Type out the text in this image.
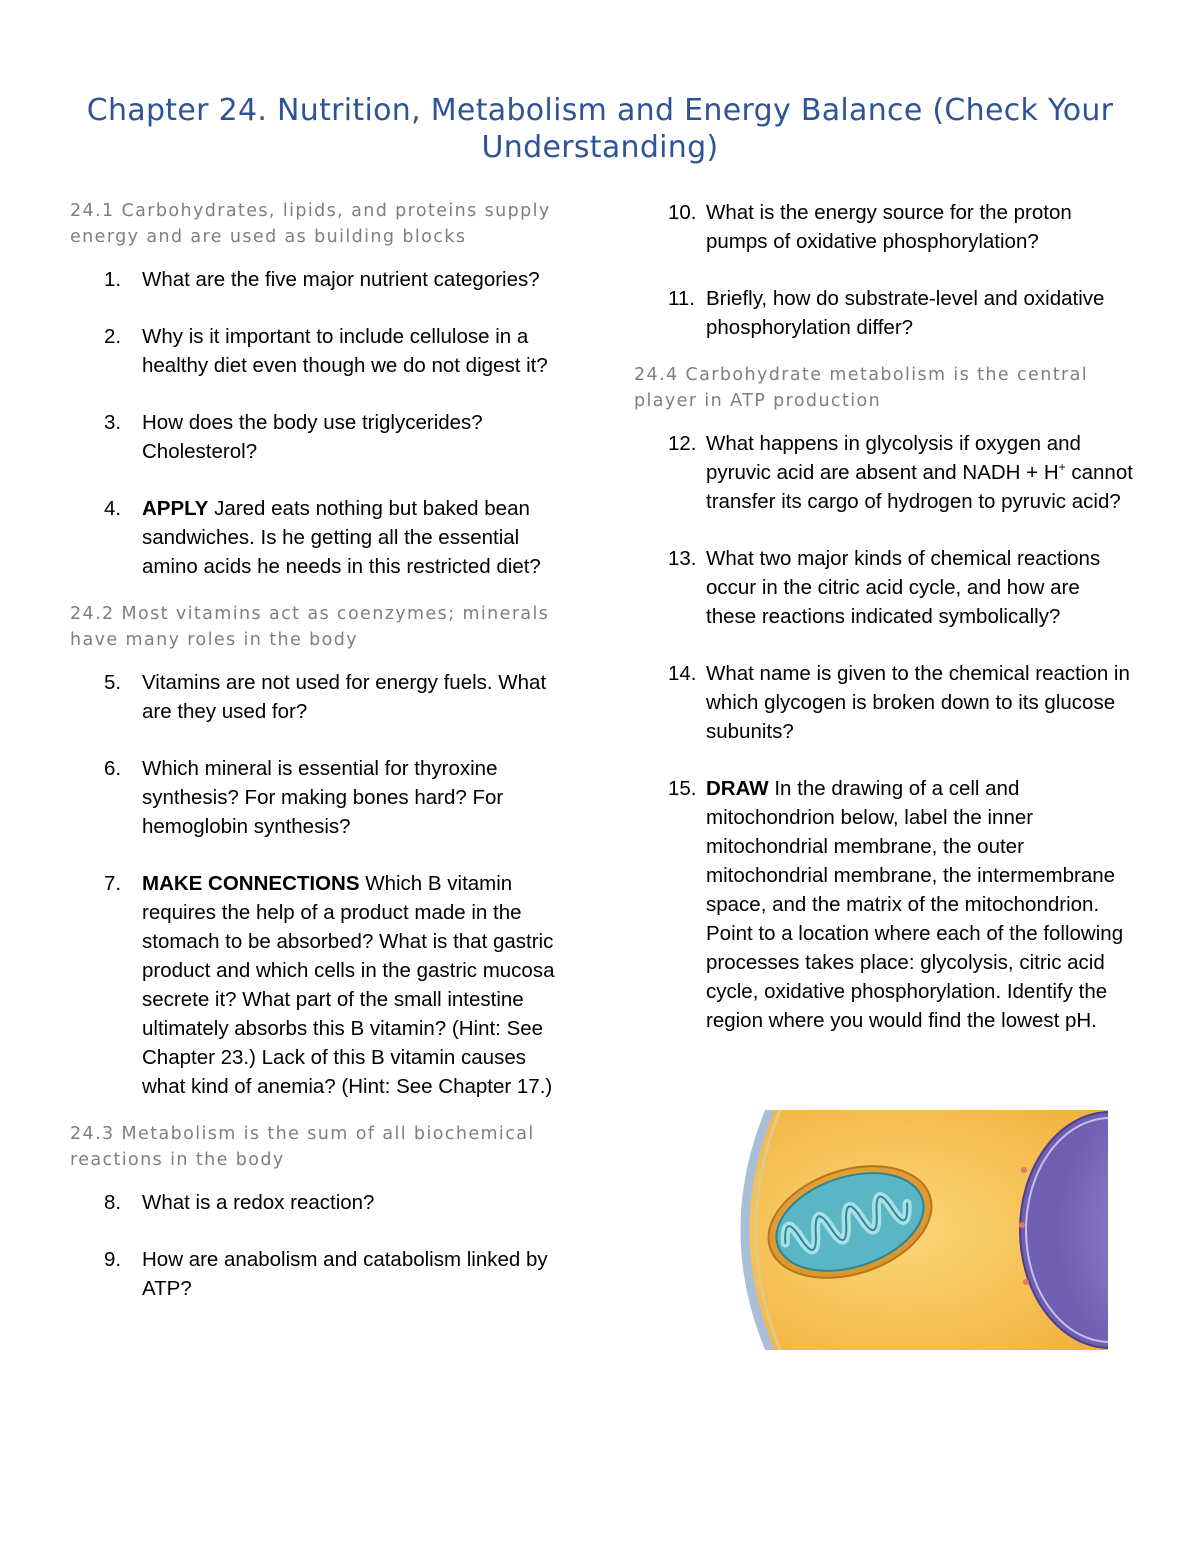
Chapter 24. Nutrition, Metabolism and Energy Balance (Check Your Understanding)
24.1 Carbohydrates, lipids, and proteins supply energy and are used as building blocks
1.	What are the five major nutrient categories?
2.	Why is it important to include cellulose in a healthy diet even though we do not digest it?
3.	How does the body use triglycerides? Cholesterol?
4.	APPLY Jared eats nothing but baked bean sandwiches. Is he getting all the essential amino acids he needs in this restricted diet?
24.2 Most vitamins act as coenzymes; minerals have many roles in the body
5.	Vitamins are not used for energy fuels. What are they used for?
6.	Which mineral is essential for thyroxine synthesis? For making bones hard? For hemoglobin synthesis?
7.	MAKE CONNECTIONS Which B vitamin requires the help of a product made in the stomach to be absorbed? What is that gastric product and which cells in the gastric mucosa secrete it? What part of the small intestine ultimately absorbs this B vitamin? (Hint: See Chapter 23.) Lack of this B vitamin causes what kind of anemia? (Hint: See Chapter 17.)
24.3 Metabolism is the sum of all biochemical reactions in the body
8.	What is a redox reaction?
9.	How are anabolism and catabolism linked by ATP?
10. What is the energy source for the proton pumps of oxidative phosphorylation?
11. Briefly, how do substrate-level and oxidative phosphorylation differ?
24.4 Carbohydrate metabolism is the central player in ATP production
12. What happens in glycolysis if oxygen and pyruvic acid are absent and NADH + H+ cannot transfer its cargo of hydrogen to pyruvic acid?
13. What two major kinds of chemical reactions occur in the citric acid cycle, and how are these reactions indicated symbolically?
14. What name is given to the chemical reaction in which glycogen is broken down to its glucose subunits?
15. DRAW In the drawing of a cell and mitochondrion below, label the inner mitochondrial membrane, the outer mitochondrial membrane, the intermembrane space, and the matrix of the mitochondrion. Point to a location where each of the following processes takes place: glycolysis, citric acid cycle, oxidative phosphorylation. Identify the region where you would find the lowest pH.
